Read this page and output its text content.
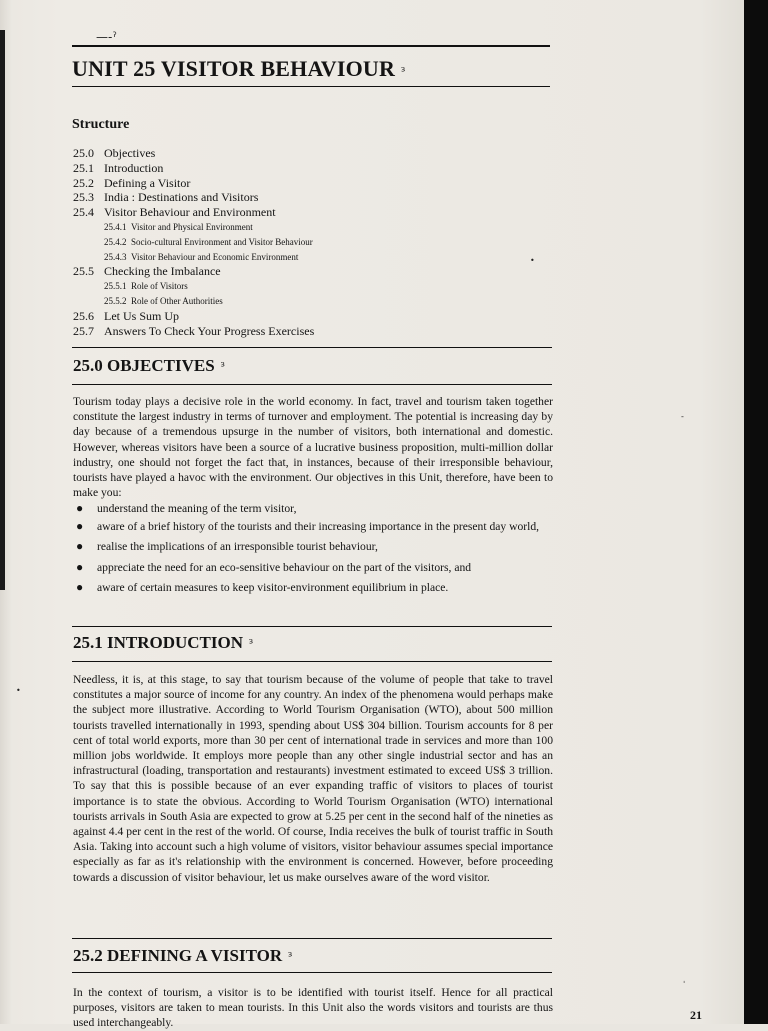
—‑ˀ
•
•
-
ˌ
UNIT 25 VISITOR BEHAVIOUR ᵌ
Structure
25.0 Objectives
25.1 Introduction
25.2 Defining a Visitor
25.3 India : Destinations and Visitors
25.4 Visitor Behaviour and Environment
25.4.1 Visitor and Physical Environment
25.4.2 Socio-cultural Environment and Visitor Behaviour
25.4.3 Visitor Behaviour and Economic Environment
25.5 Checking the Imbalance
25.5.1 Role of Visitors
25.5.2 Role of Other Authorities
25.6 Let Us Sum Up
25.7 Answers To Check Your Progress Exercises
25.0 OBJECTIVES ᵌ

Tourism today plays a decisive role in the world economy. In fact, travel and tourism taken together constitute the largest industry in terms of turnover and employment. The potential is increasing day by day because of a tremendous upsurge in the number of visitors, both international and domestic. However, whereas visitors have been a source of a lucrative business proposition, multi-million dollar industry, one should not forget the fact that, in instances, because of their irresponsible behaviour, tourists have played a havoc with the environment. Our objectives in this Unit, therefore, have been to make you:

● understand the meaning of the term visitor,
● aware of a brief history of the tourists and their increasing importance in the present day world,
● realise the implications of an irresponsible tourist behaviour,
● appreciate the need for an eco-sensitive behaviour on the part of the visitors, and
● aware of certain measures to keep visitor-environment equilibrium in place.
25.1 INTRODUCTION ᵌ

Needless, it is, at this stage, to say that tourism because of the volume of people that take to travel constitutes a major source of income for any country. An index of the phenomena would perhaps make the subject more illustrative. According to World Tourism Organisation (WTO), about 500 million tourists travelled internationally in 1993, spending about US$ 304 billion. Tourism accounts for 8 per cent of total world exports, more than 30 per cent of international trade in services and more than 100 million jobs worldwide. It employs more people than any other single industrial sector and has an infrastructural (loading, transportation and restaurants) investment estimated to exceed US$ 3 trillion. To say that this is possible because of an ever expanding traffic of visitors to places of tourist importance is to state the obvious. According to World Tourism Organisation (WTO) international tourists arrivals in South Asia are expected to grow at 5.25 per cent in the second half of the nineties as against 4.4 per cent in the rest of the world. Of course, India receives the bulk of tourist traffic in South Asia. Taking into account such a high volume of visitors, visitor behaviour assumes special importance especially as far as it's relationship with the environment is concerned. However, before proceeding towards a discussion of visitor behaviour, let us make ourselves aware of the word visitor.

25.2 DEFINING A VISITOR ᵌ

In the context of tourism, a visitor is to be identified with tourist itself. Hence for all practical purposes, visitors are taken to mean tourists. In this Unit also the words visitors and tourists are thus used interchangeably.

21
